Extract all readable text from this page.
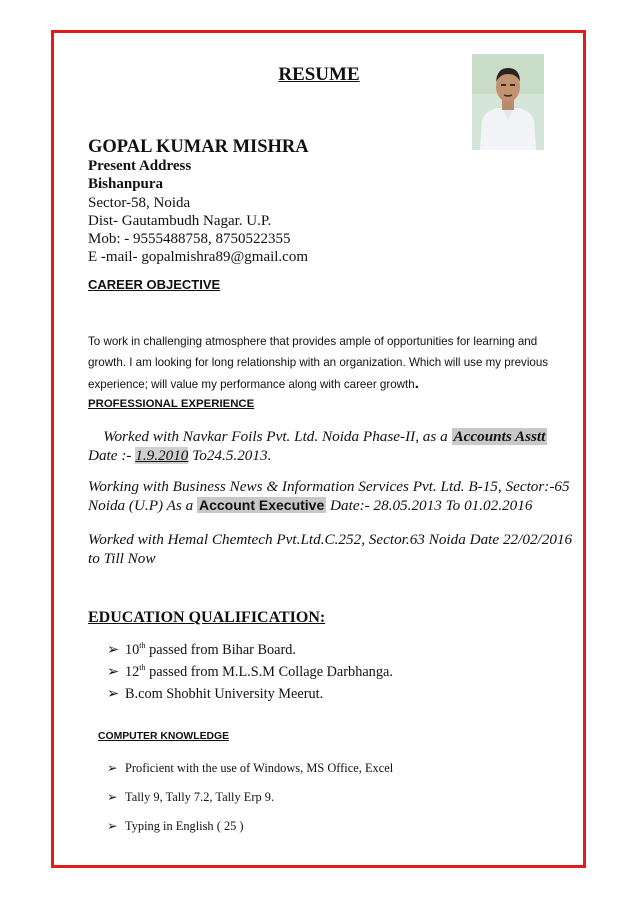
RESUME
GOPAL KUMAR MISHRA
Present Address
Bishanpura
Sector-58, Noida
Dist- Gautambudh Nagar. U.P.
Mob: - 9555488758, 8750522355
E -mail- gopalmishra89@gmail.com
CAREER OBJECTIVE
To work in challenging atmosphere that provides ample of opportunities for learning and growth. I am looking for long relationship with an organization. Which will use my previous experience; will value my performance along with career growth.
PROFESSIONAL EXPERIENCE
Worked with Navkar Foils Pvt. Ltd. Noida Phase-II, as a Accounts Asstt Date :- 1.9.2010 To24.5.2013.
Working with Business News & Information Services Pvt. Ltd. B-15, Sector:-65 Noida (U.P) As a Account Executive Date:- 28.05.2013 To 01.02.2016
Worked with Hemal Chemtech Pvt.Ltd.C.252, Sector.63 Noida Date 22/02/2016 to Till Now
EDUCATION QUALIFICATION:
➢ 10th passed from Bihar Board.
➢ 12th passed from M.L.S.M Collage Darbhanga.
➢ B.com Shobhit University Meerut.
COMPUTER KNOWLEDGE
➢ Proficient with the use of Windows, MS Office, Excel
➢ Tally 9, Tally 7.2, Tally Erp 9.
➢ Typing in English ( 25 )
